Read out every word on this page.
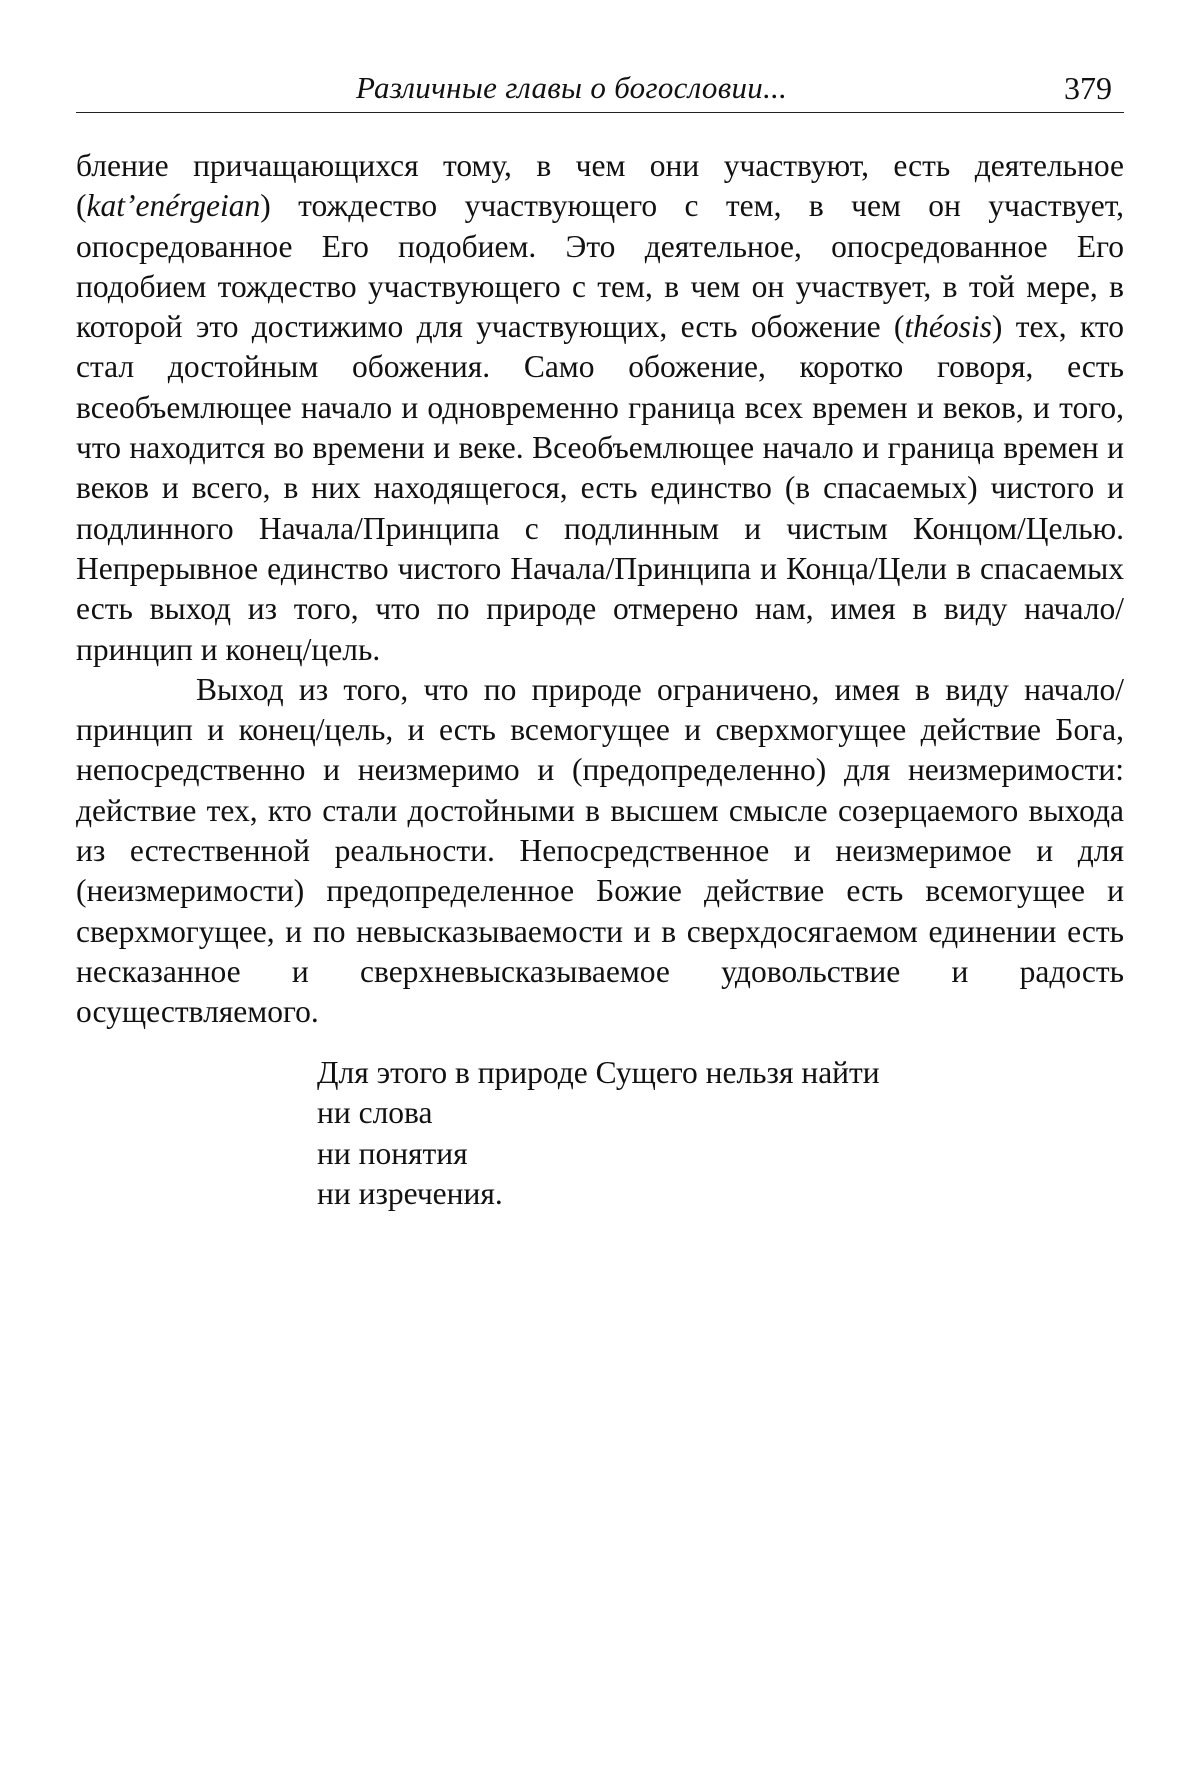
Различные главы о богословии...	379

бление причащающихся тому, в чем они участвуют, есть деятельное (kat’enérgeian) тождество участвующего с тем, в чем он участвует, опосредованное Его подобием. Это деятельное, опосредованное Его подобием тождество участвующего с тем, в чем он участвует, в той мере, в которой это достижимо для участвующих, есть обожение (théosis) тех, кто стал достойным обожения. Само обожение, коротко говоря, есть всеобъемлющее начало и одновременно граница всех времен и веков, и того, что находится во времени и веке. Всеобъемлющее начало и граница времен и веков и всего, в них находящегося, есть единство (в спасаемых) чистого и подлинного Начала/Принципа с подлинным и чистым Концом/Целью. Непрерывное единство чистого Начала/Принципа и Конца/Цели в спасаемых есть выход из того, что по природе отмерено нам, имея в виду начало/принцип и конец/цель.

Выход из того, что по природе ограничено, имея в виду начало/принцип и конец/цель, и есть всемогущее и сверхмогущее действие Бога, непосредственно и неизмеримо и (предопределенно) для неизмеримости: действие тех, кто стали достойными в высшем смысле созерцаемого выхода из естественной реальности. Непосредственное и неизмеримое и для (неизмеримости) предопределенное Божие действие есть всемогущее и сверхмогущее, и по невысказываемости и в сверхдосягаемом единении есть несказанное и сверхневысказываемое удовольствие и радость осуществляемого.

Для этого в природе Сущего нельзя найти
ни слова
ни понятия
ни изречения.
